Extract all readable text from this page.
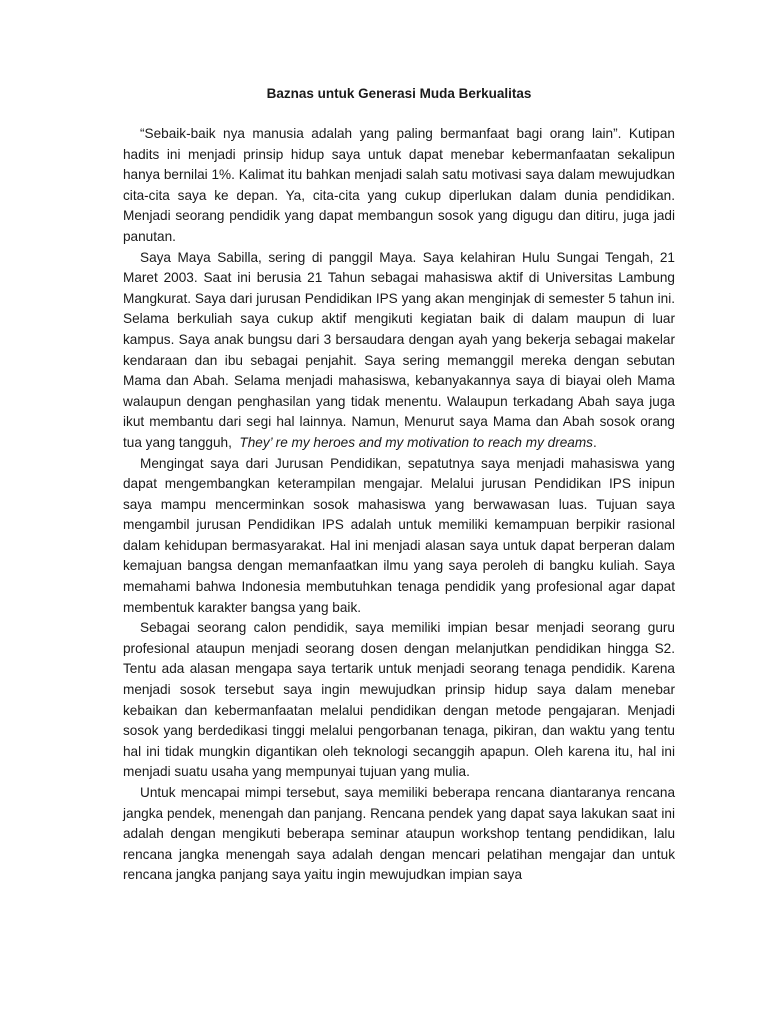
Baznas untuk Generasi Muda Berkualitas

“Sebaik-baik nya manusia adalah yang paling bermanfaat bagi orang lain”. Kutipan hadits ini menjadi prinsip hidup saya untuk dapat menebar kebermanfaatan sekalipun hanya bernilai 1%. Kalimat itu bahkan menjadi salah satu motivasi saya dalam mewujudkan cita-cita saya ke depan. Ya, cita-cita yang cukup diperlukan dalam dunia pendidikan. Menjadi seorang pendidik yang dapat membangun sosok yang digugu dan ditiru, juga jadi panutan.

Saya Maya Sabilla, sering di panggil Maya. Saya kelahiran Hulu Sungai Tengah, 21 Maret 2003. Saat ini berusia 21 Tahun sebagai mahasiswa aktif di Universitas Lambung Mangkurat. Saya dari jurusan Pendidikan IPS yang akan menginjak di semester 5 tahun ini. Selama berkuliah saya cukup aktif mengikuti kegiatan baik di dalam maupun di luar kampus. Saya anak bungsu dari 3 bersaudara dengan ayah yang bekerja sebagai makelar kendaraan dan ibu sebagai penjahit. Saya sering memanggil mereka dengan sebutan Mama dan Abah. Selama menjadi mahasiswa, kebanyakannya saya di biayai oleh Mama walaupun dengan penghasilan yang tidak menentu. Walaupun terkadang Abah saya juga ikut membantu dari segi hal lainnya. Namun, Menurut saya Mama dan Abah sosok orang tua yang tangguh, They’ re my heroes and my motivation to reach my dreams.

Mengingat saya dari Jurusan Pendidikan, sepatutnya saya menjadi mahasiswa yang dapat mengembangkan keterampilan mengajar. Melalui jurusan Pendidikan IPS inipun saya mampu mencerminkan sosok mahasiswa yang berwawasan luas. Tujuan saya mengambil jurusan Pendidikan IPS adalah untuk memiliki kemampuan berpikir rasional dalam kehidupan bermasyarakat. Hal ini menjadi alasan saya untuk dapat berperan dalam kemajuan bangsa dengan memanfaatkan ilmu yang saya peroleh di bangku kuliah. Saya memahami bahwa Indonesia membutuhkan tenaga pendidik yang profesional agar dapat membentuk karakter bangsa yang baik.

Sebagai seorang calon pendidik, saya memiliki impian besar menjadi seorang guru profesional ataupun menjadi seorang dosen dengan melanjutkan pendidikan hingga S2. Tentu ada alasan mengapa saya tertarik untuk menjadi seorang tenaga pendidik. Karena menjadi sosok tersebut saya ingin mewujudkan prinsip hidup saya dalam menebar kebaikan dan kebermanfaatan melalui pendidikan dengan metode pengajaran. Menjadi sosok yang berdedikasi tinggi melalui pengorbanan tenaga, pikiran, dan waktu yang tentu hal ini tidak mungkin digantikan oleh teknologi secanggih apapun. Oleh karena itu, hal ini menjadi suatu usaha yang mempunyai tujuan yang mulia.

Untuk mencapai mimpi tersebut, saya memiliki beberapa rencana diantaranya rencana jangka pendek, menengah dan panjang. Rencana pendek yang dapat saya lakukan saat ini adalah dengan mengikuti beberapa seminar ataupun workshop tentang pendidikan, lalu rencana jangka menengah saya adalah dengan mencari pelatihan mengajar dan untuk rencana jangka panjang saya yaitu ingin mewujudkan impian saya
